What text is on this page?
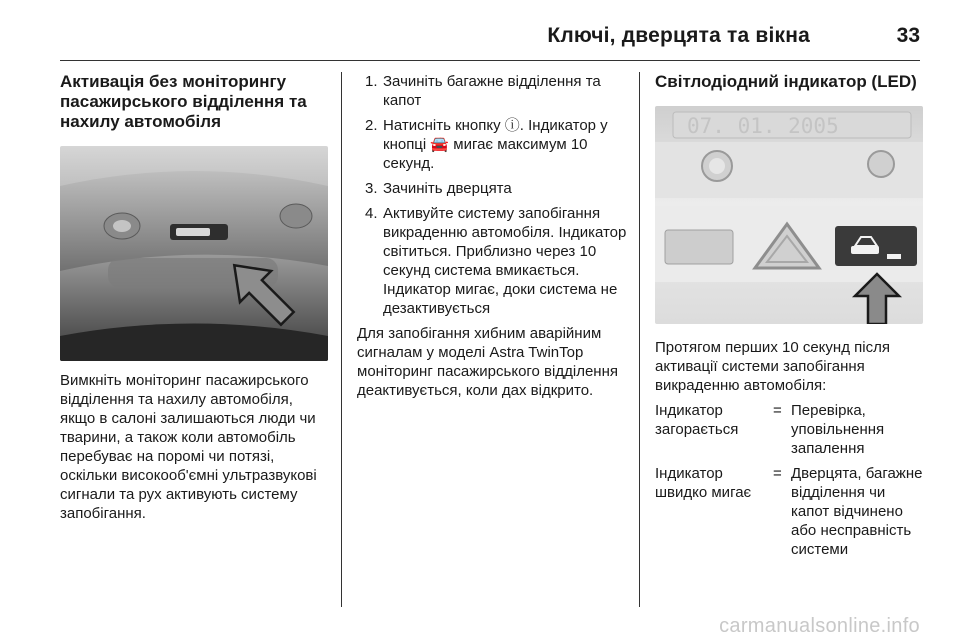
Ключі, дверцята та вікна	33
Активація без моніторингу пасажирського відділення та нахилу автомобіля

Вимкніть моніторинг пасажирського відділення та нахилу автомобіля, якщо в салоні залишаються люди чи тварини, а також коли автомобіль перебуває на поромі чи потязі, оскільки високооб'ємні ультразвукові сигнали та рух активують систему запобігання.

1. Зачиніть багажне відділення та капот
2. Натисніть кнопку ⓘ. Індикатор у кнопці 🚘 мигає максимум 10 секунд.
3. Зачиніть дверцята
4. Активуйте систему запобігання викраденню автомобіля. Індикатор світиться. Приблизно через 10 секунд система вмикається. Індикатор мигає, доки система не дезактивується

Для запобігання хибним аварійним сигналам у моделі Astra TwinTop моніторинг пасажирського відділення деактивується, коли дах відкрито.

Світлодіодний індикатор (LED)
07. 01. 2005

Протягом перших 10 секунд після активації системи запобігання викраденню автомобіля:

Індикатор загорається
= Перевірка, уповільнення запалення
Індикатор швидко мигає
= Дверцята, багажне відділення чи капот відчинено або несправність системи
carmanualsonline.info
